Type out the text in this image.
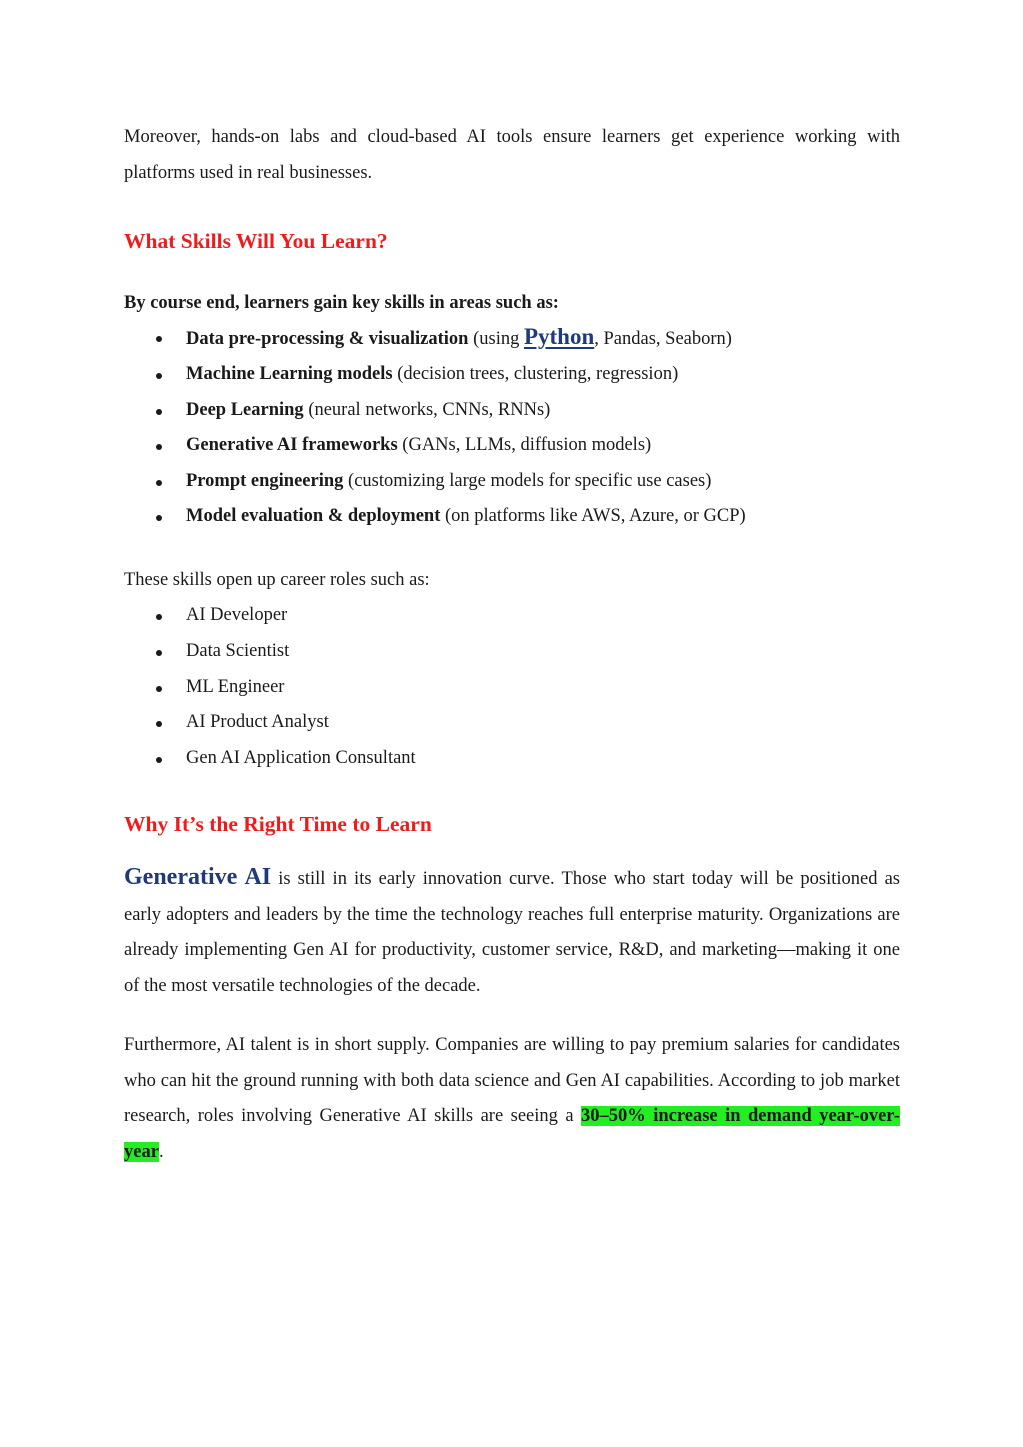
Moreover, hands-on labs and cloud-based AI tools ensure learners get experience working with platforms used in real businesses.

What Skills Will You Learn?

By course end, learners gain key skills in areas such as:

Data pre-processing & visualization (using Python, Pandas, Seaborn)
Machine Learning models (decision trees, clustering, regression)
Deep Learning (neural networks, CNNs, RNNs)
Generative AI frameworks (GANs, LLMs, diffusion models)
Prompt engineering (customizing large models for specific use cases)
Model evaluation & deployment (on platforms like AWS, Azure, or GCP)

These skills open up career roles such as:

AI Developer
Data Scientist
ML Engineer
AI Product Analyst
Gen AI Application Consultant
Why It’s the Right Time to Learn

Generative AI is still in its early innovation curve. Those who start today will be positioned as early adopters and leaders by the time the technology reaches full enterprise maturity. Organizations are already implementing Gen AI for productivity, customer service, R&D, and marketing—making it one of the most versatile technologies of the decade.

Furthermore, AI talent is in short supply. Companies are willing to pay premium salaries for candidates who can hit the ground running with both data science and Gen AI capabilities. According to job market research, roles involving Generative AI skills are seeing a 30–50% increase in demand year-over-year.
